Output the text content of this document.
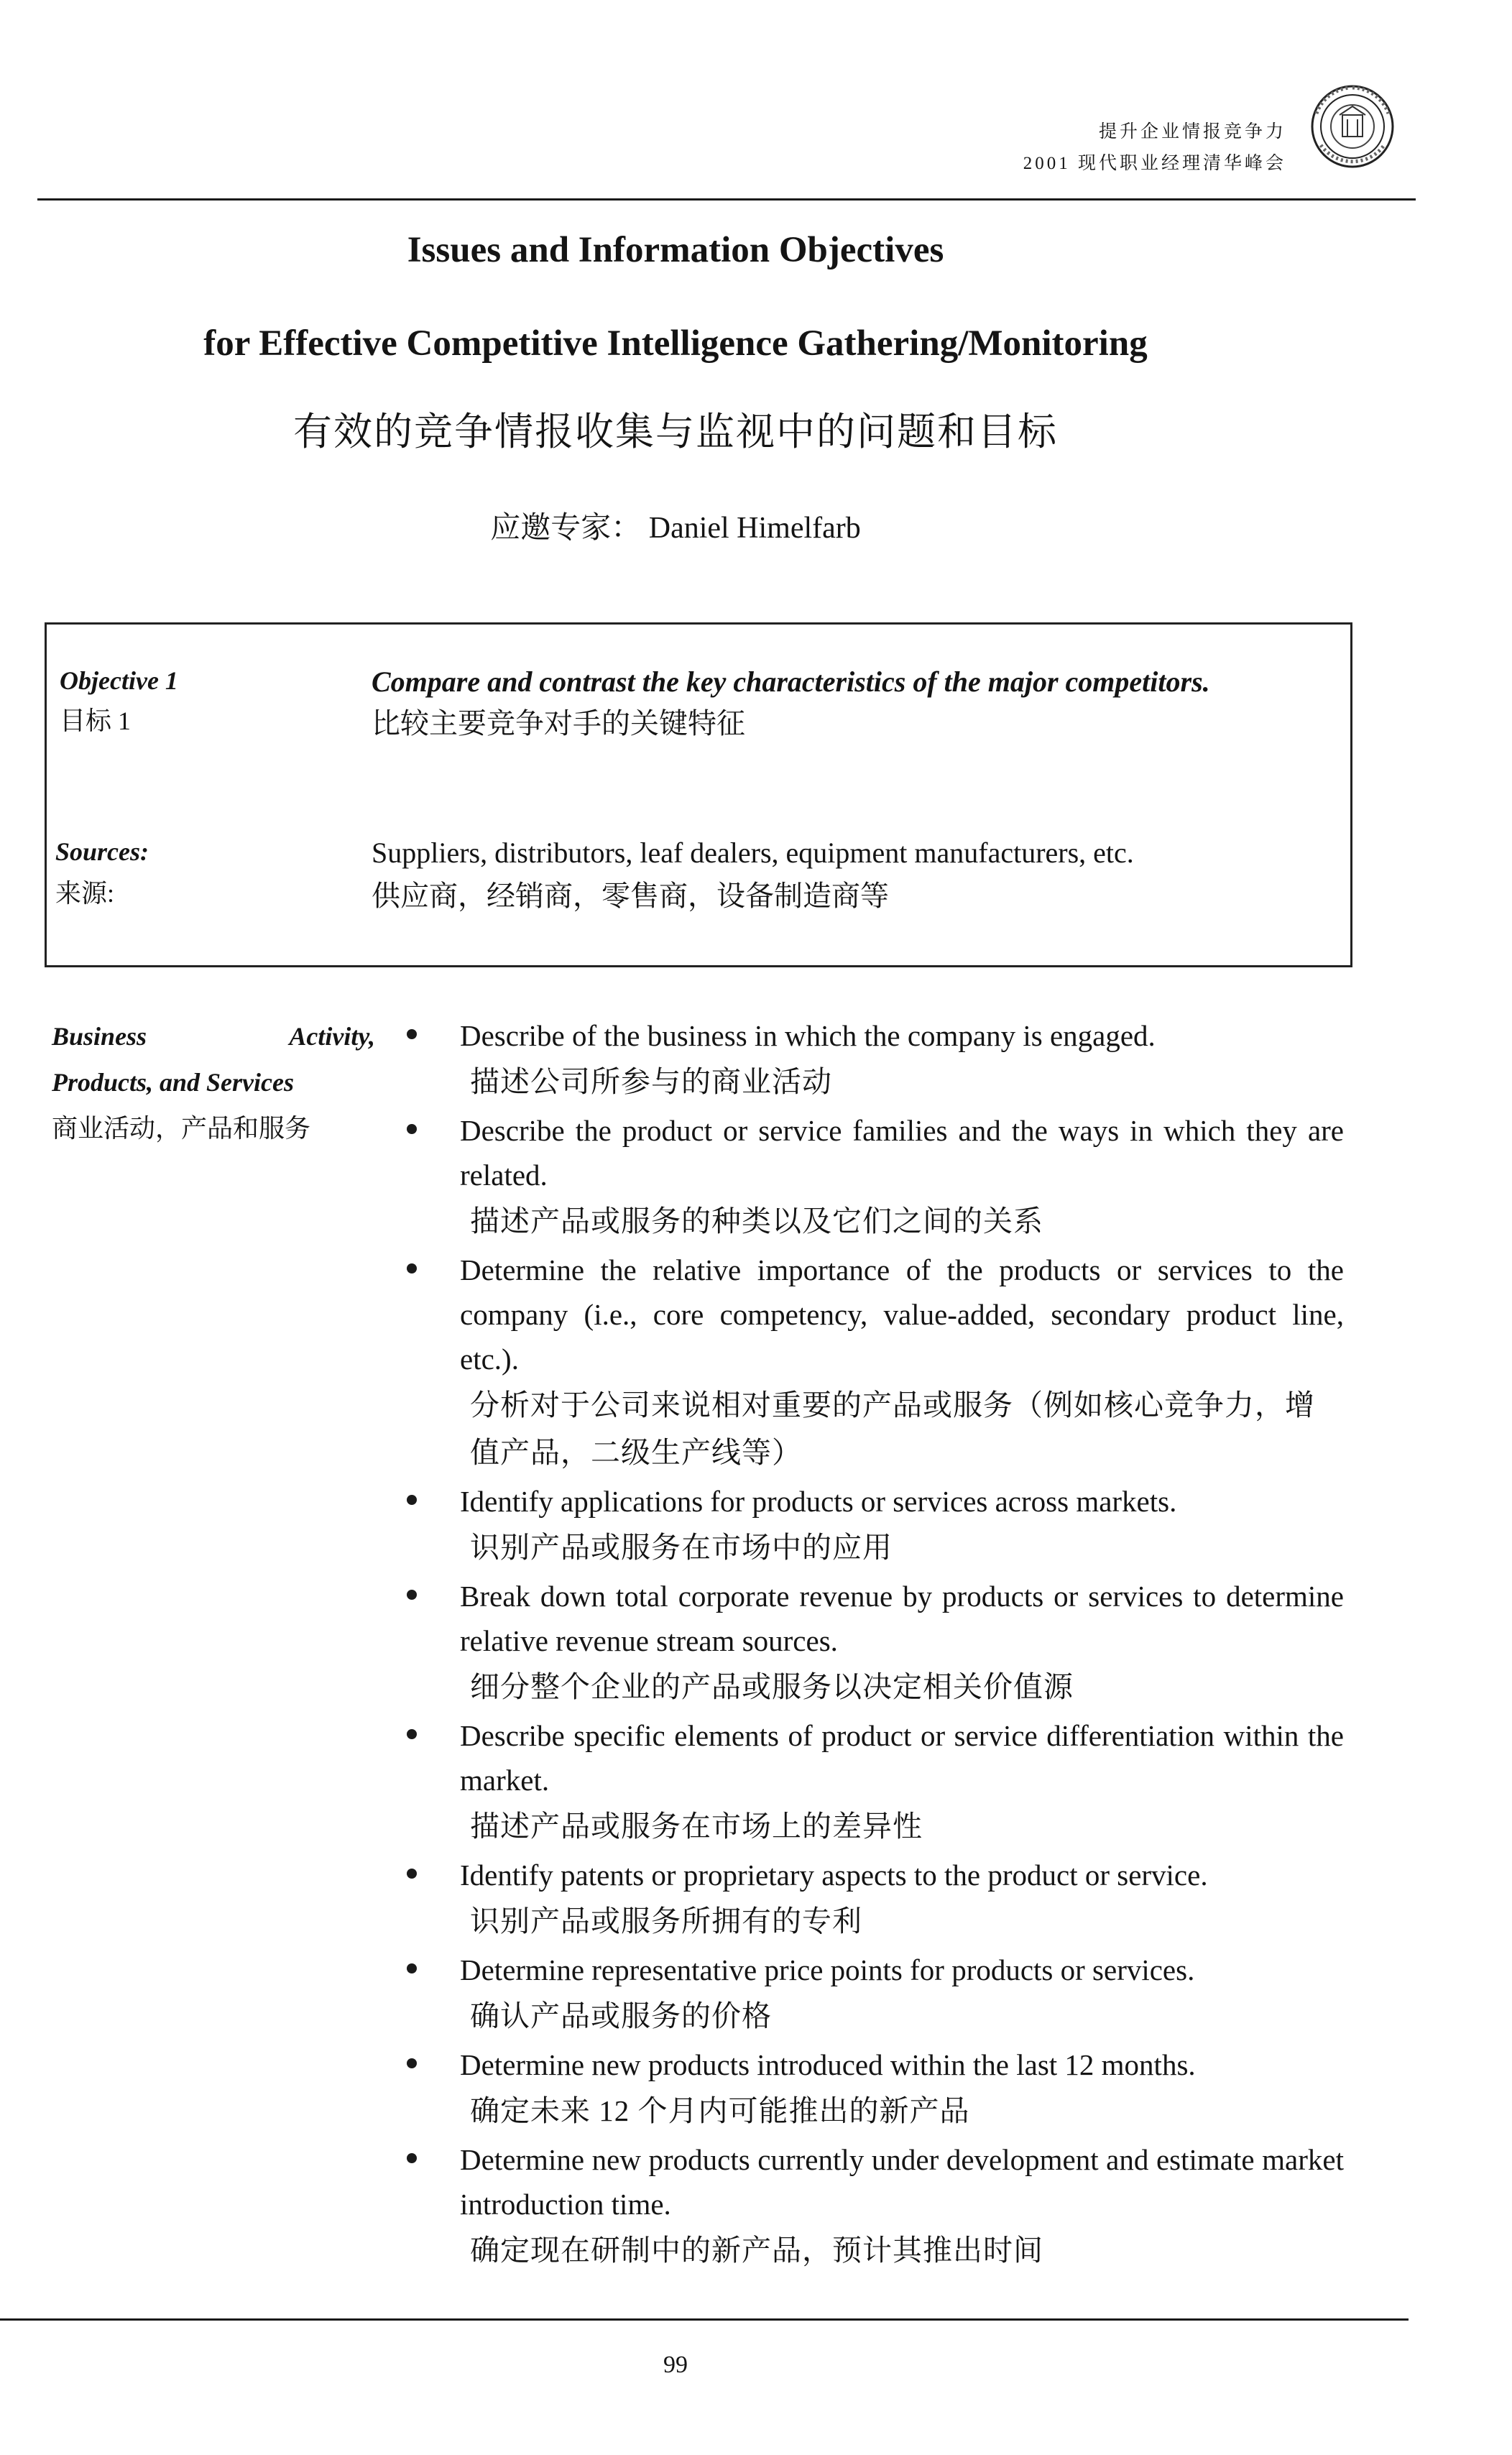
提升企业情报竞争力
2001 现代职业经理清华峰会
Issues and Information Objectives
for Effective Competitive Intelligence Gathering/Monitoring
有效的竞争情报收集与监视中的问题和目标
应邀专家： Daniel Himelfarb
Objective 1
目标 1
Compare and contrast the key characteristics of the major competitors.
比较主要竞争对手的关键特征
Sources:
来源:
Suppliers, distributors, leaf dealers, equipment manufacturers, etc.
供应商，经销商，零售商，设备制造商等
Business	Activity,
Products, and Services
商业活动，产品和服务
Describe of the business in which the company is engaged.
描述公司所参与的商业活动
Describe the product or service families and the ways in which they are related.
描述产品或服务的种类以及它们之间的关系
Determine the relative importance of the products or services to the company (i.e., core competency, value-added, secondary product line, etc.).
分析对于公司来说相对重要的产品或服务（例如核心竞争力，增值产品，二级生产线等）
Identify applications for products or services across markets.
识别产品或服务在市场中的应用
Break down total corporate revenue by products or services to determine relative revenue stream sources.
细分整个企业的产品或服务以决定相关价值源
Describe specific elements of product or service differentiation within the market.
描述产品或服务在市场上的差异性
Identify patents or proprietary aspects to the product or service.
识别产品或服务所拥有的专利
Determine representative price points for products or services.
确认产品或服务的价格
Determine new products introduced within the last 12 months.
确定未来 12 个月内可能推出的新产品
Determine new products currently under development and estimate market introduction time.
确定现在研制中的新产品，预计其推出时间
99
